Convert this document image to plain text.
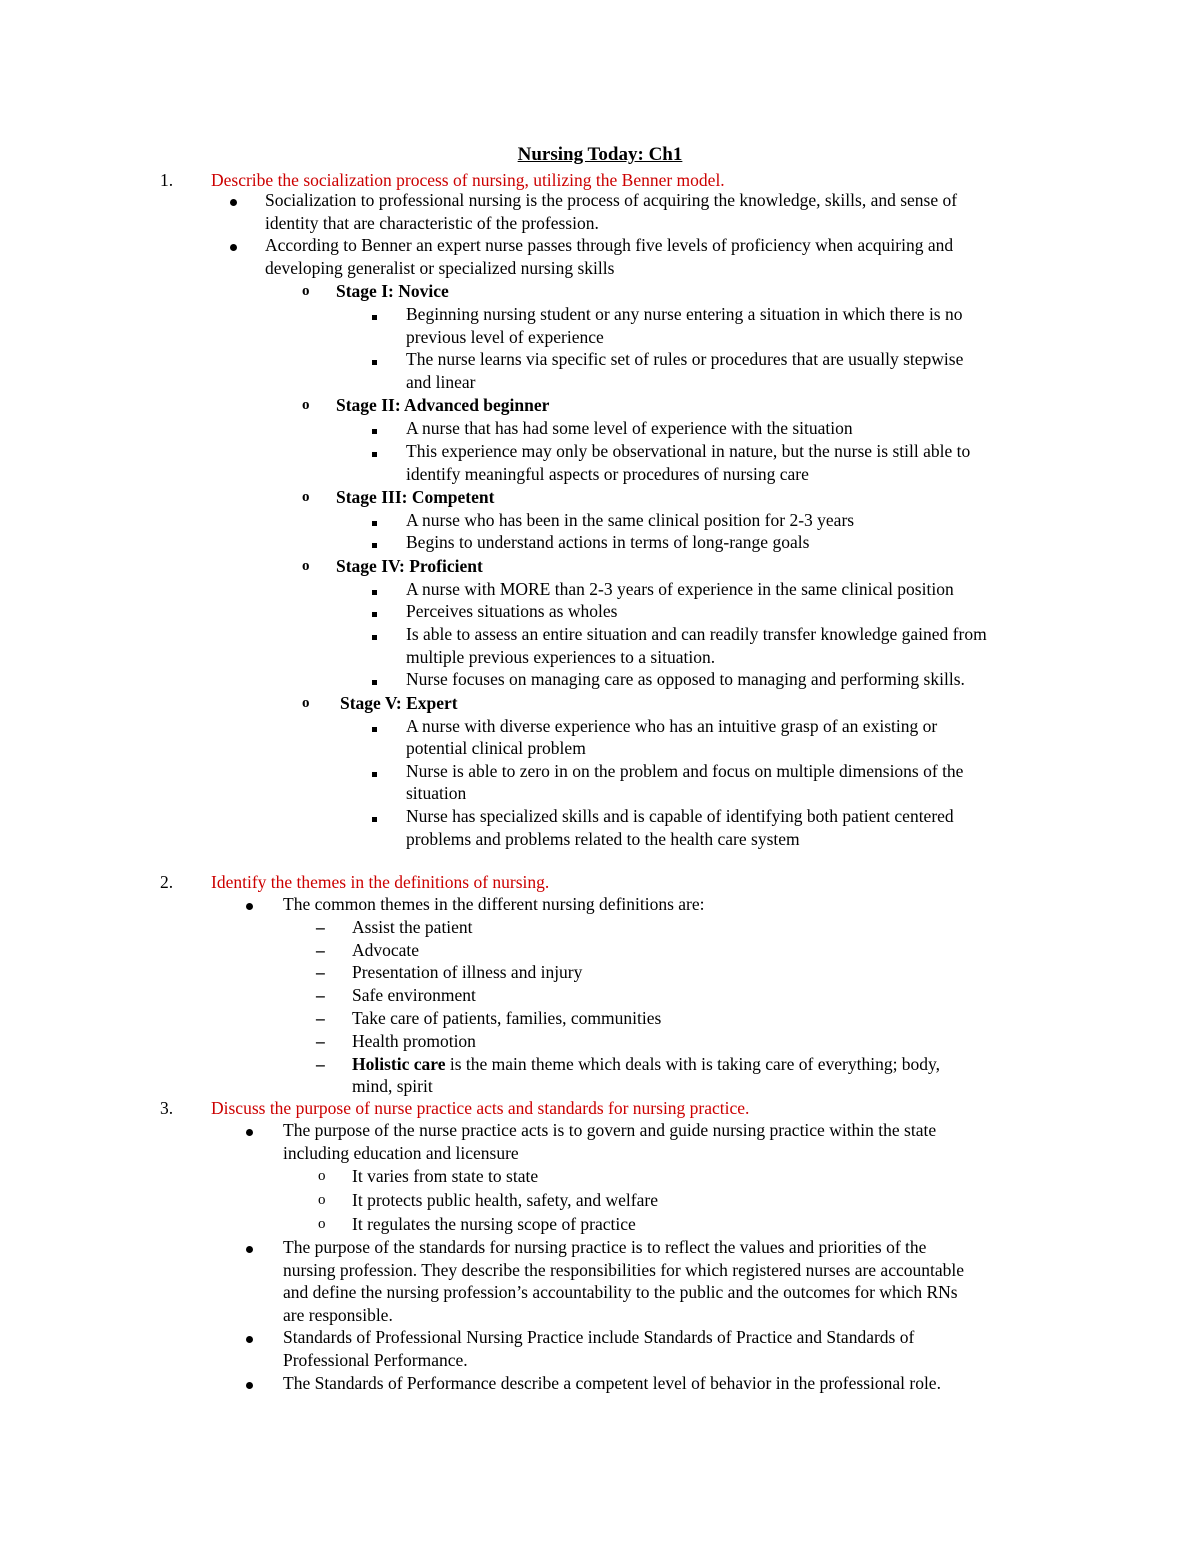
Nursing Today: Ch1
1.	Describe the socialization process of nursing, utilizing the Benner model.
Socialization to professional nursing is the process of acquiring the knowledge, skills, and sense of
identity that are characteristic of the profession.
According to Benner an expert nurse passes through five levels of proficiency when acquiring and
developing generalist or specialized nursing skills
o Stage I: Novice
Beginning nursing student or any nurse entering a situation in which there is no
previous level of experience
The nurse learns via specific set of rules or procedures that are usually stepwise
and linear
o Stage II: Advanced beginner
A nurse that has had some level of experience with the situation
This experience may only be observational in nature, but the nurse is still able to
identify meaningful aspects or procedures of nursing care
o Stage III: Competent
A nurse who has been in the same clinical position for 2-3 years
Begins to understand actions in terms of long-range goals
o Stage IV: Proficient
A nurse with MORE than 2-3 years of experience in the same clinical position
Perceives situations as wholes
Is able to assess an entire situation and can readily transfer knowledge gained from
multiple previous experiences to a situation.
Nurse focuses on managing care as opposed to managing and performing skills.
o Stage V: Expert
A nurse with diverse experience who has an intuitive grasp of an existing or
potential clinical problem
Nurse is able to zero in on the problem and focus on multiple dimensions of the
situation
Nurse has specialized skills and is capable of identifying both patient centered
problems and problems related to the health care system
2.	Identify the themes in the definitions of nursing.
The common themes in the different nursing definitions are:
– Assist the patient
– Advocate
– Presentation of illness and injury
– Safe environment
– Take care of patients, families, communities
– Health promotion
– Holistic care is the main theme which deals with is taking care of everything; body,
mind, spirit
3.	Discuss the purpose of nurse practice acts and standards for nursing practice.
The purpose of the nurse practice acts is to govern and guide nursing practice within the state
including education and licensure
o It varies from state to state
o It protects public health, safety, and welfare
o It regulates the nursing scope of practice
The purpose of the standards for nursing practice is to reflect the values and priorities of the
nursing profession. They describe the responsibilities for which registered nurses are accountable
and define the nursing profession’s accountability to the public and the outcomes for which RNs
are responsible.
Standards of Professional Nursing Practice include Standards of Practice and Standards of
Professional Performance.
The Standards of Performance describe a competent level of behavior in the professional role.
